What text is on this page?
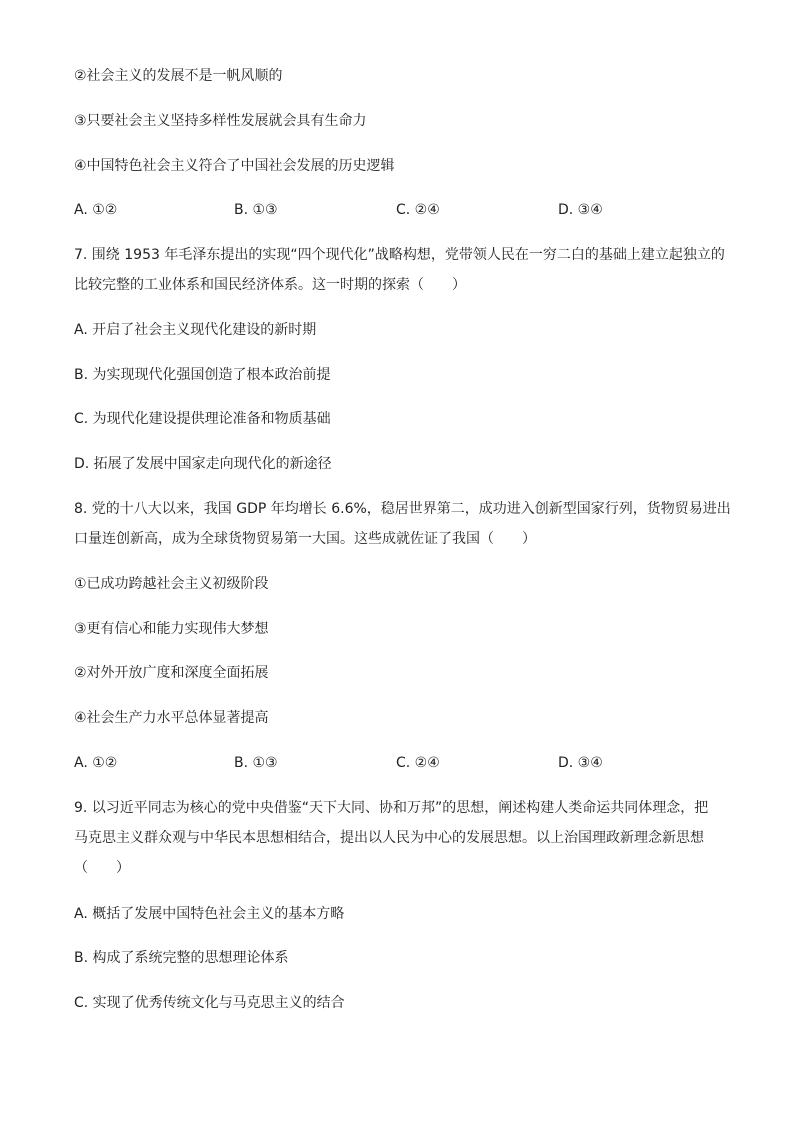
②社会主义的发展不是一帆风顺的
③只要社会主义坚持多样性发展就会具有生命力
④中国特色社会主义符合了中国社会发展的历史逻辑
A. ①②	B. ①③	C. ②④	D. ③④
7. 围绕 1953 年毛泽东提出的实现“四个现代化”战略构想，党带领人民在一穷二白的基础上建立起独立的
比较完整的工业体系和国民经济体系。这一时期的探索（　　）
A. 开启了社会主义现代化建设的新时期
B. 为实现现代化强国创造了根本政治前提
C. 为现代化建设提供理论准备和物质基础
D. 拓展了发展中国家走向现代化的新途径
8. 党的十八大以来，我国 GDP 年均增长 6.6%，稳居世界第二，成功进入创新型国家行列，货物贸易进出
口量连创新高，成为全球货物贸易第一大国。这些成就佐证了我国（　　）
①已成功跨越社会主义初级阶段
③更有信心和能力实现伟大梦想
②对外开放广度和深度全面拓展
④社会生产力水平总体显著提高
A. ①②	B. ①③	C. ②④	D. ③④
9. 以习近平同志为核心的党中央借鉴“天下大同、协和万邦”的思想，阐述构建人类命运共同体理念，把
马克思主义群众观与中华民本思想相结合，提出以人民为中心的发展思想。以上治国理政新理念新思想
（　　）
A. 概括了发展中国特色社会主义的基本方略
B. 构成了系统完整的思想理论体系
C. 实现了优秀传统文化与马克思主义的结合
